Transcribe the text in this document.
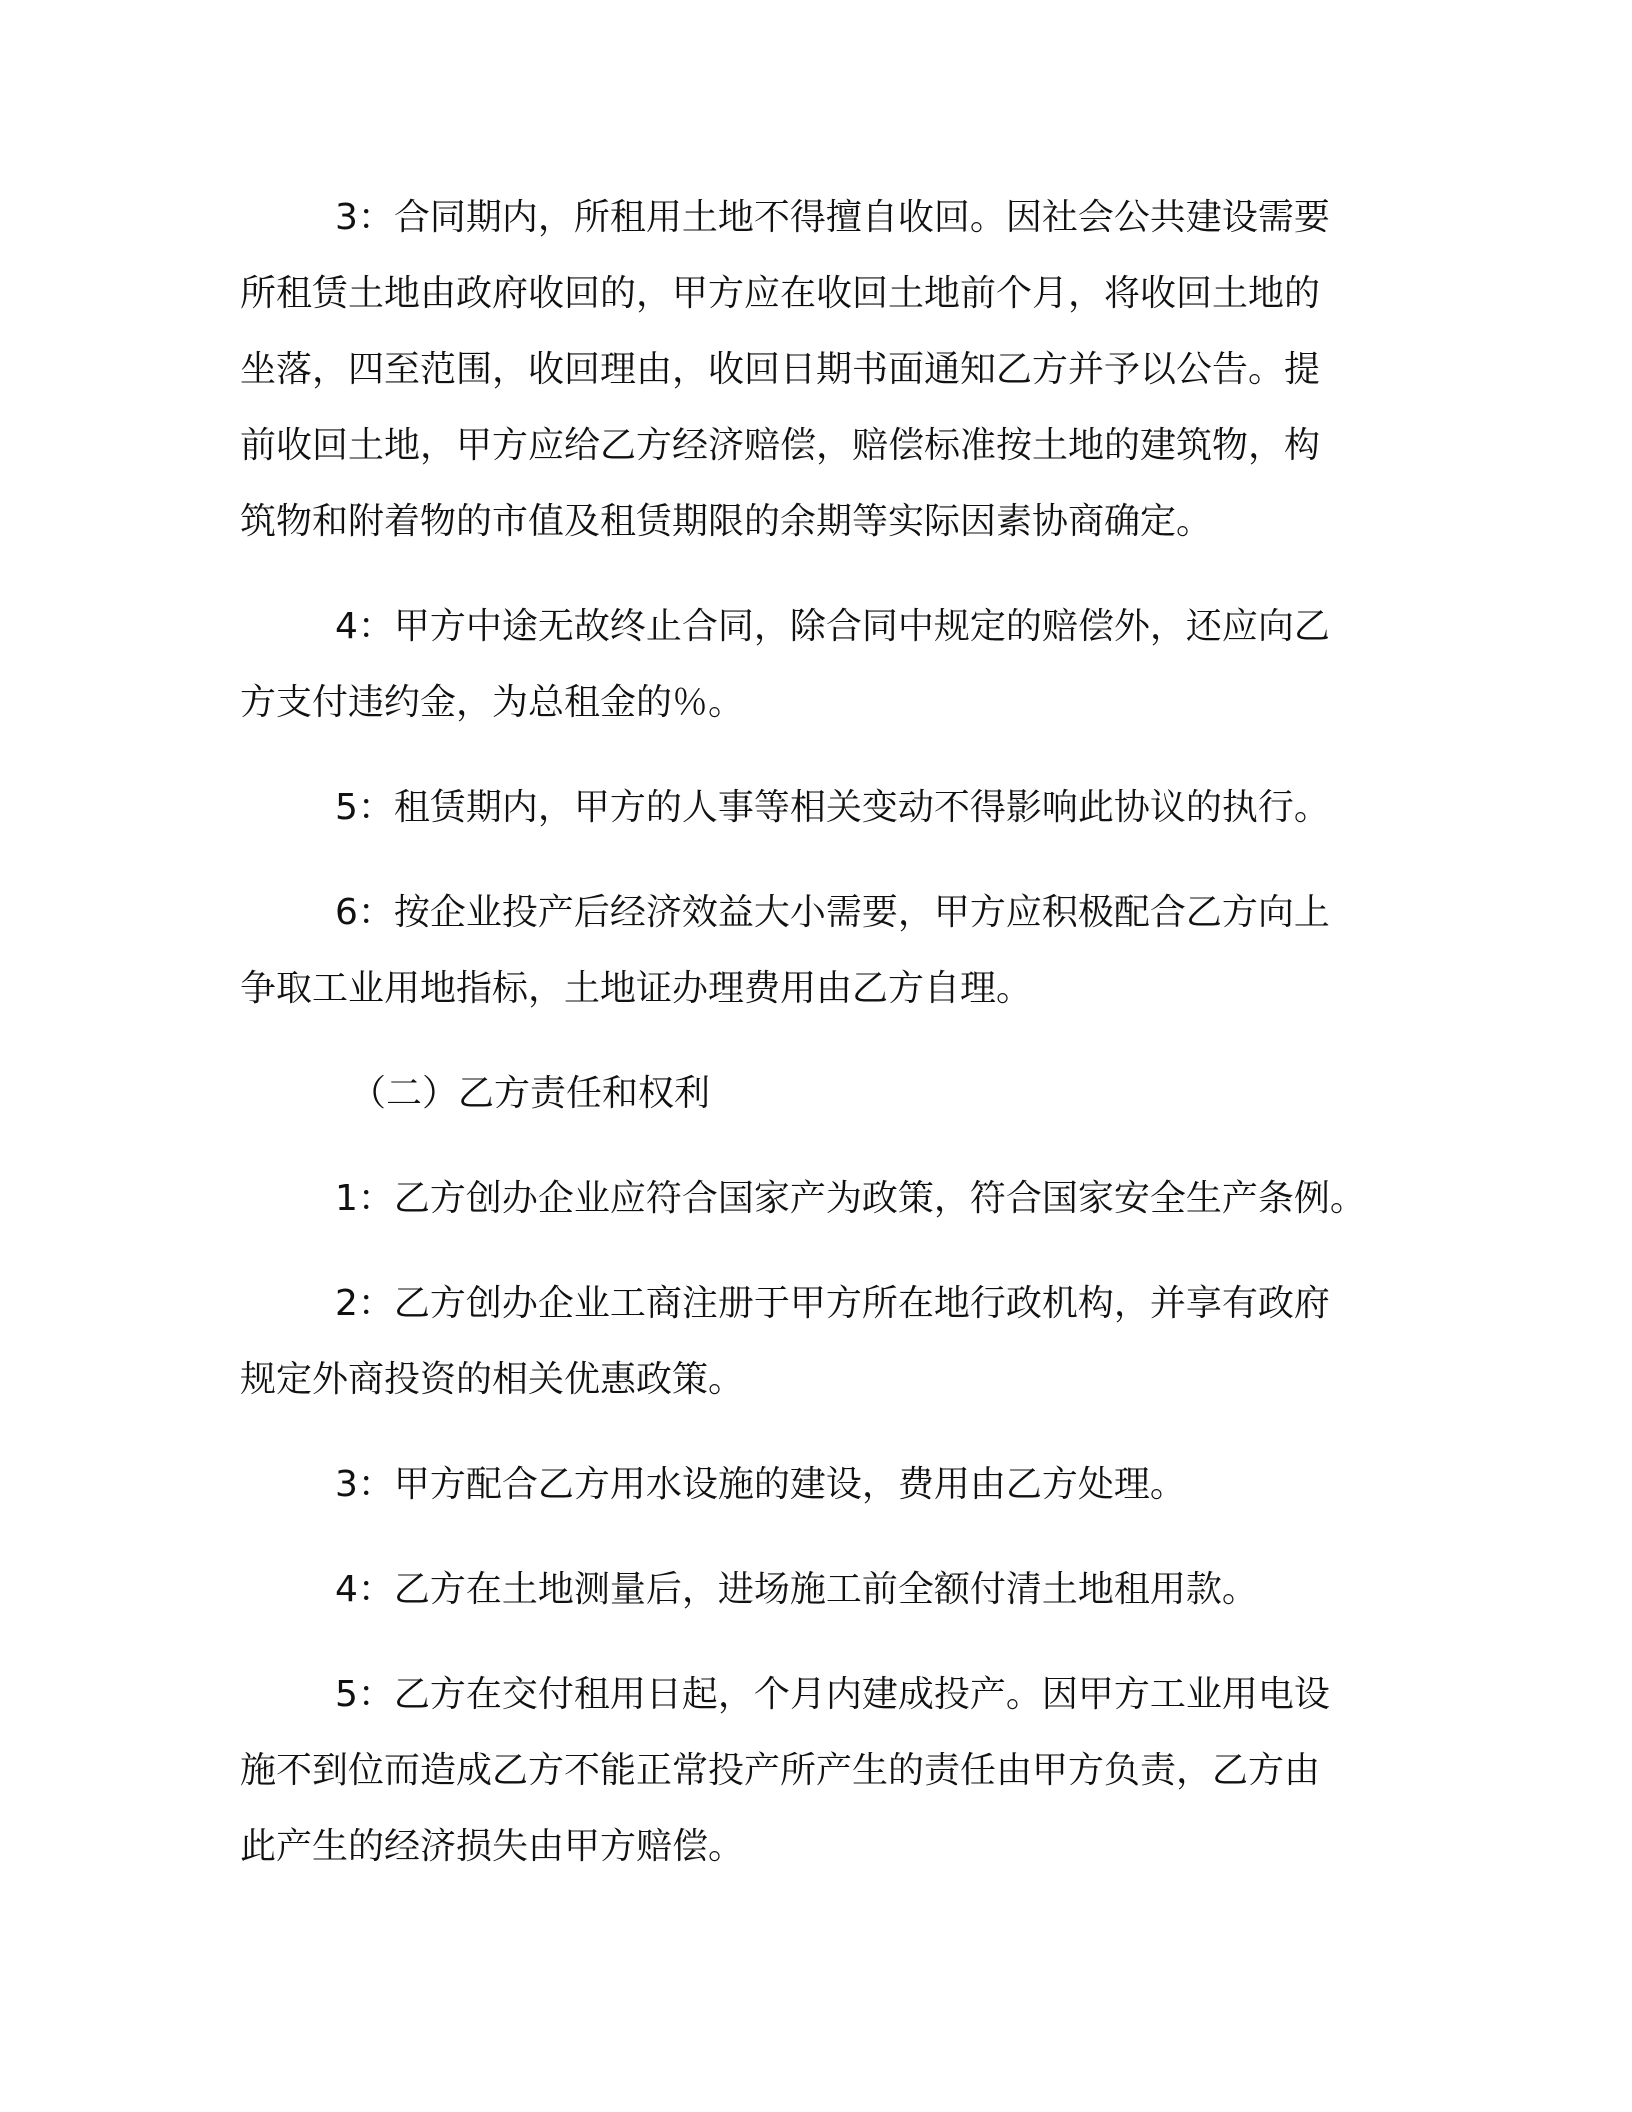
3：合同期内，所租用土地不得擅自收回。因社会公共建设需要

所租赁土地由政府收回的，甲方应在收回土地前个月，将收回土地的

坐落，四至范围，收回理由，收回日期书面通知乙方并予以公告。提

前收回土地，甲方应给乙方经济赔偿，赔偿标准按土地的建筑物，构

筑物和附着物的市值及租赁期限的余期等实际因素协商确定。

4：甲方中途无故终止合同，除合同中规定的赔偿外，还应向乙

方支付违约金，为总租金的％。

5：租赁期内，甲方的人事等相关变动不得影响此协议的执行。

6：按企业投产后经济效益大小需要，甲方应积极配合乙方向上

争取工业用地指标，土地证办理费用由乙方自理。

（二）乙方责任和权利

1：乙方创办企业应符合国家产为政策，符合国家安全生产条例。

2：乙方创办企业工商注册于甲方所在地行政机构，并享有政府

规定外商投资的相关优惠政策。

3：甲方配合乙方用水设施的建设，费用由乙方处理。

4：乙方在土地测量后，进场施工前全额付清土地租用款。

5：乙方在交付租用日起，个月内建成投产。因甲方工业用电设

施不到位而造成乙方不能正常投产所产生的责任由甲方负责，乙方由

此产生的经济损失由甲方赔偿。
